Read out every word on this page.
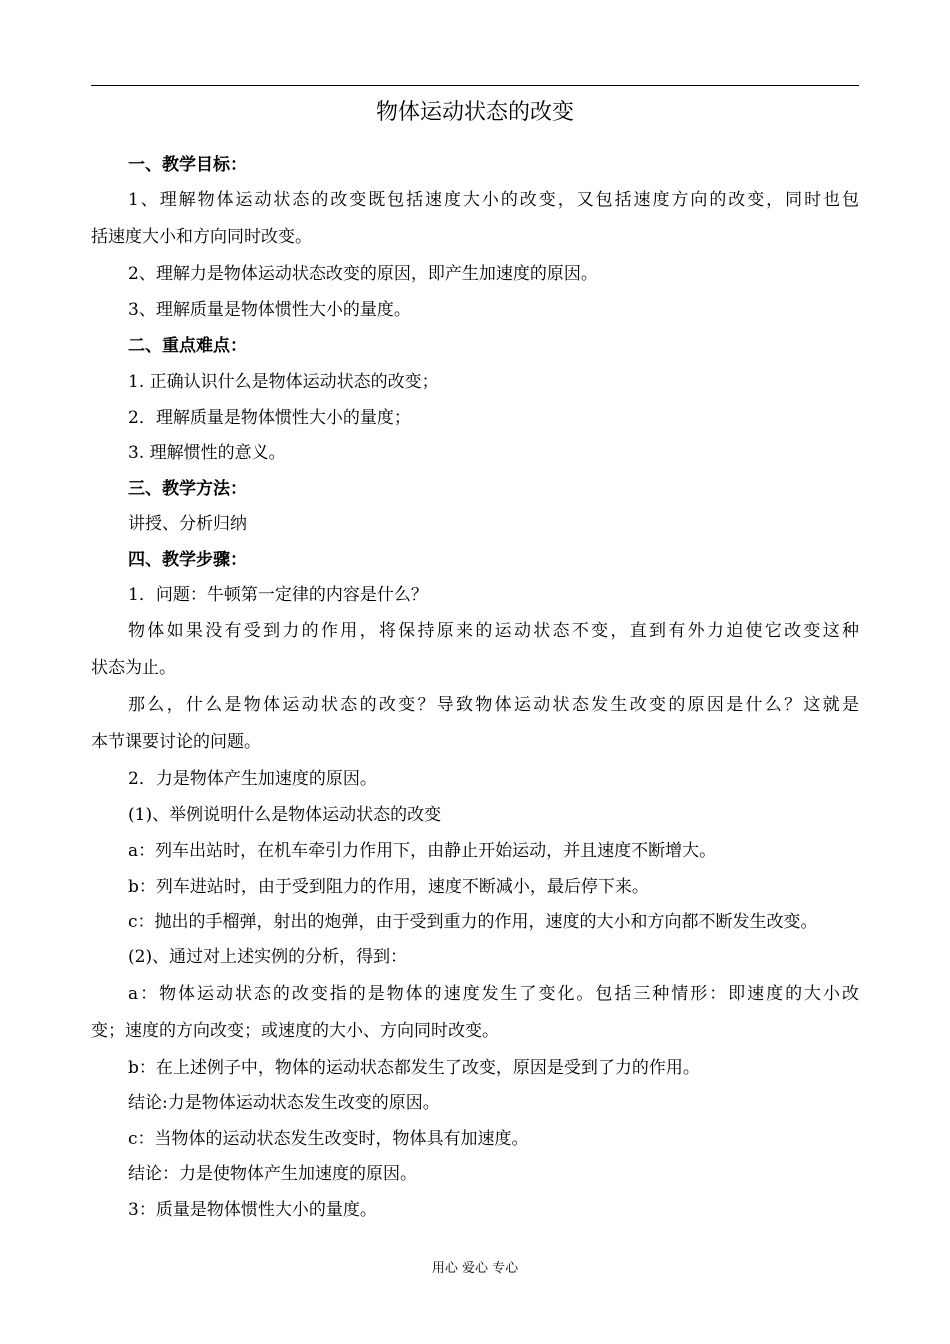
物体运动状态的改变
一、教学目标：
1、理解物体运动状态的改变既包括速度大小的改变，又包括速度方向的改变，同时也包
括速度大小和方向同时改变。
2、理解力是物体运动状态改变的原因，即产生加速度的原因。
3、理解质量是物体惯性大小的量度。
二、重点难点：
1. 正确认识什么是物体运动状态的改变；
2．理解质量是物体惯性大小的量度；
3. 理解惯性的意义。
三、教学方法：
讲授、分析归纳
四、教学步骤：
1．问题：牛顿第一定律的内容是什么？
物体如果没有受到力的作用，将保持原来的运动状态不变，直到有外力迫使它改变这种
状态为止。
那么，什么是物体运动状态的改变？导致物体运动状态发生改变的原因是什么？这就是
本节课要讨论的问题。
2．力是物体产生加速度的原因。
(1)、举例说明什么是物体运动状态的改变
a：列车出站时，在机车牵引力作用下，由静止开始运动，并且速度不断增大。
b：列车进站时，由于受到阻力的作用，速度不断减小，最后停下来。
c：抛出的手榴弹，射出的炮弹，由于受到重力的作用，速度的大小和方向都不断发生改变。
(2)、通过对上述实例的分析，得到：
a：物体运动状态的改变指的是物体的速度发生了变化。包括三种情形：即速度的大小改
变；速度的方向改变；或速度的大小、方向同时改变。
b：在上述例子中，物体的运动状态都发生了改变，原因是受到了力的作用。
结论:力是物体运动状态发生改变的原因。
c：当物体的运动状态发生改变时，物体具有加速度。
结论：力是使物体产生加速度的原因。
3：质量是物体惯性大小的量度。
用心 爱心 专心
